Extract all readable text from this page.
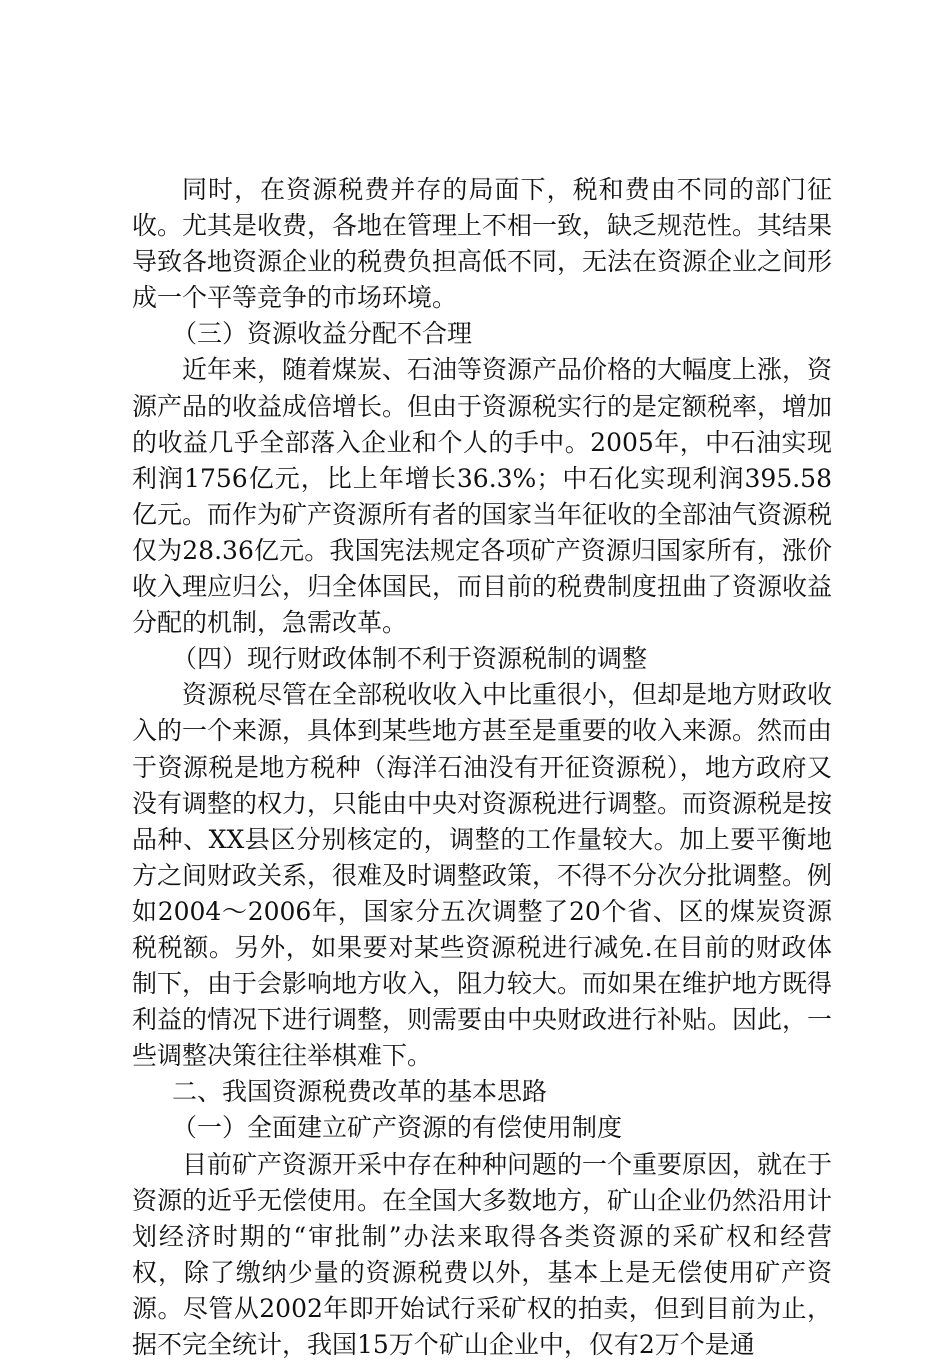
同时，在资源税费并存的局面下，税和费由不同的部门征收。尤其是收费，各地在管理上不相一致，缺乏规范性。其结果导致各地资源企业的税费负担高低不同，无法在资源企业之间形成一个平等竞争的市场环境。

（三）资源收益分配不合理

近年来，随着煤炭、石油等资源产品价格的大幅度上涨，资源产品的收益成倍增长。但由于资源税实行的是定额税率，增加的收益几乎全部落入企业和个人的手中。2005年，中石油实现利润1756亿元，比上年增长36.3%；中石化实现利润395.58亿元。而作为矿产资源所有者的国家当年征收的全部油气资源税仅为28.36亿元。我国宪法规定各项矿产资源归国家所有，涨价收入理应归公，归全体国民，而目前的税费制度扭曲了资源收益分配的机制，急需改革。

（四）现行财政体制不利于资源税制的调整

资源税尽管在全部税收收入中比重很小，但却是地方财政收入的一个来源，具体到某些地方甚至是重要的收入来源。然而由于资源税是地方税种（海洋石油没有开征资源税），地方政府又没有调整的权力，只能由中央对资源税进行调整。而资源税是按品种、XX县区分别核定的，调整的工作量较大。加上要平衡地方之间财政关系，很难及时调整政策，不得不分次分批调整。例如2004～2006年，国家分五次调整了20个省、区的煤炭资源税税额。另外，如果要对某些资源税进行减免.在目前的财政体制下，由于会影响地方收入，阻力较大。而如果在维护地方既得利益的情况下进行调整，则需要由中央财政进行补贴。因此，一些调整决策往往举棋难下。

二、我国资源税费改革的基本思路

（一）全面建立矿产资源的有偿使用制度

目前矿产资源开采中存在种种问题的一个重要原因，就在于资源的近乎无偿使用。在全国大多数地方，矿山企业仍然沿用计划经济时期的“审批制”办法来取得各类资源的采矿权和经营权，除了缴纳少量的资源税费以外，基本上是无偿使用矿产资源。尽管从2002年即开始试行采矿权的拍卖，但到目前为止，据不完全统计，我国15万个矿山企业中，仅有2万个是通
